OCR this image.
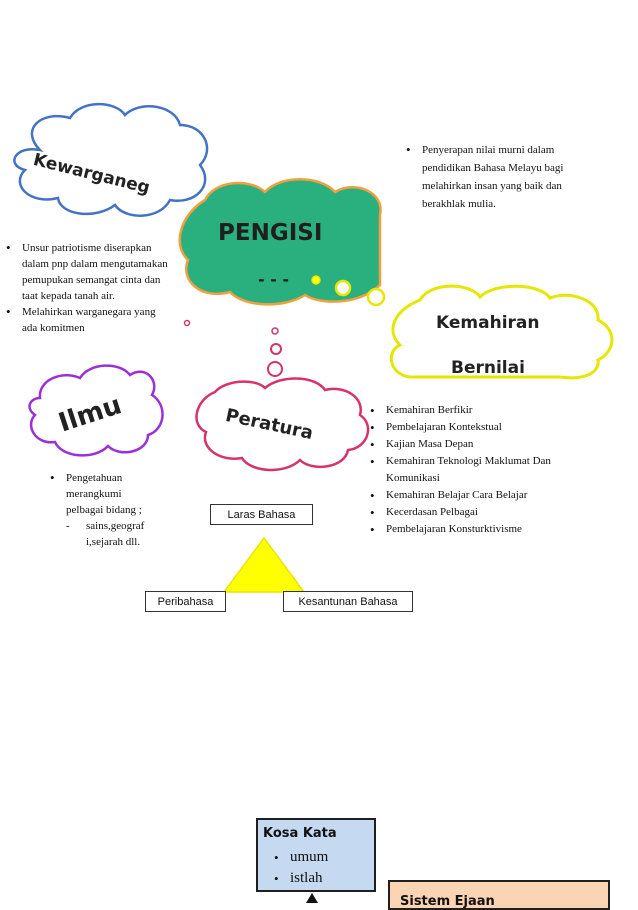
Kewarganeg
PENGISI
- - -
Kemahiran
Bernilai
Ilmu	Peratura
• Penyerapan nilai murni dalam pendidikan Bahasa Melayu bagi melahirkan insan yang baik dan berakhlak mulia.
• Unsur patriotisme diserapkan dalam pnp dalam mengutamakan pemupukan semangat cinta dan taat kepada tanah air.
• Melahirkan warganegara yang ada komitmen
• Pengetahuan merangkumi pelbagai bidang ;
-	sains,geografi,sejarah dll.
• Kemahiran Berfikir
• Pembelajaran Kontekstual
• Kajian Masa Depan
• Kemahiran Teknologi Maklumat Dan Komunikasi
• Kemahiran Belajar Cara Belajar
• Kecerdasan Pelbagai
• Pembelajaran Konsturktivisme
Laras Bahasa
Peribahasa	Kesantunan Bahasa
Kosa Kata
• umum
• istlah
Sistem Ejaan
